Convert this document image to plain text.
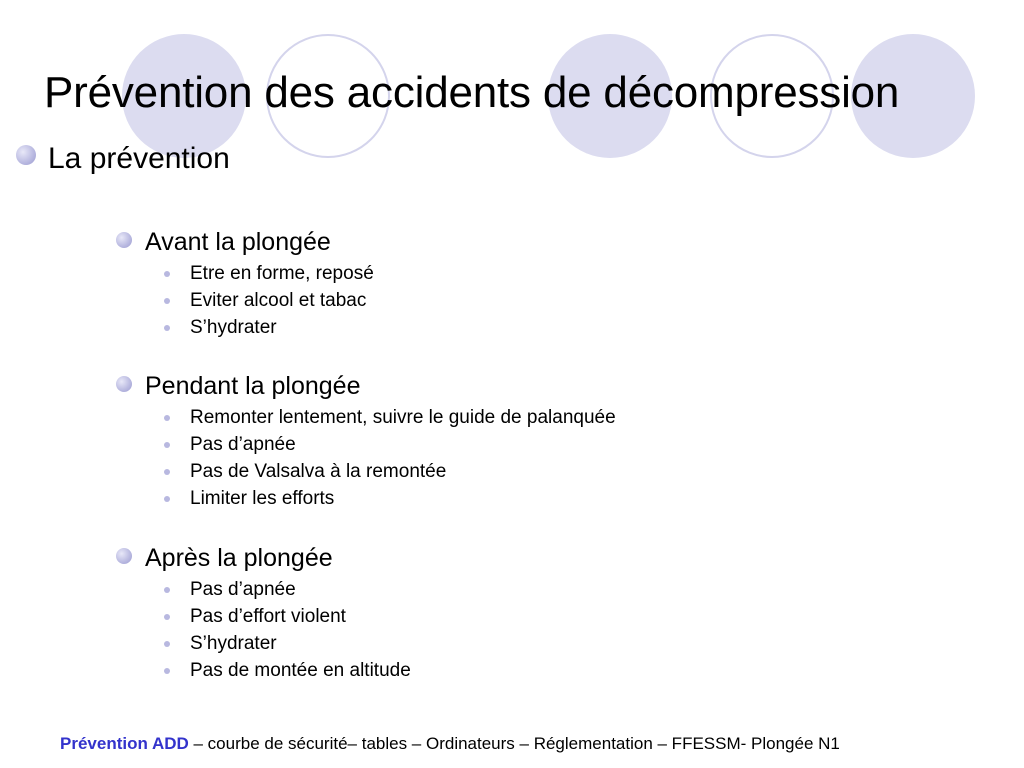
Prévention des accidents de décompression
La prévention
Avant la plongée
Etre en forme, reposé
Eviter alcool et tabac
S’hydrater
Pendant la plongée
Remonter lentement, suivre le guide de palanquée
Pas d’apnée
Pas de Valsalva à la remontée
Limiter les efforts
Après la plongée
Pas d’apnée
Pas d’effort violent
S’hydrater
Pas de montée en altitude
Prévention ADD – courbe de sécurité– tables – Ordinateurs – Réglementation – FFESSM- Plongée N1
